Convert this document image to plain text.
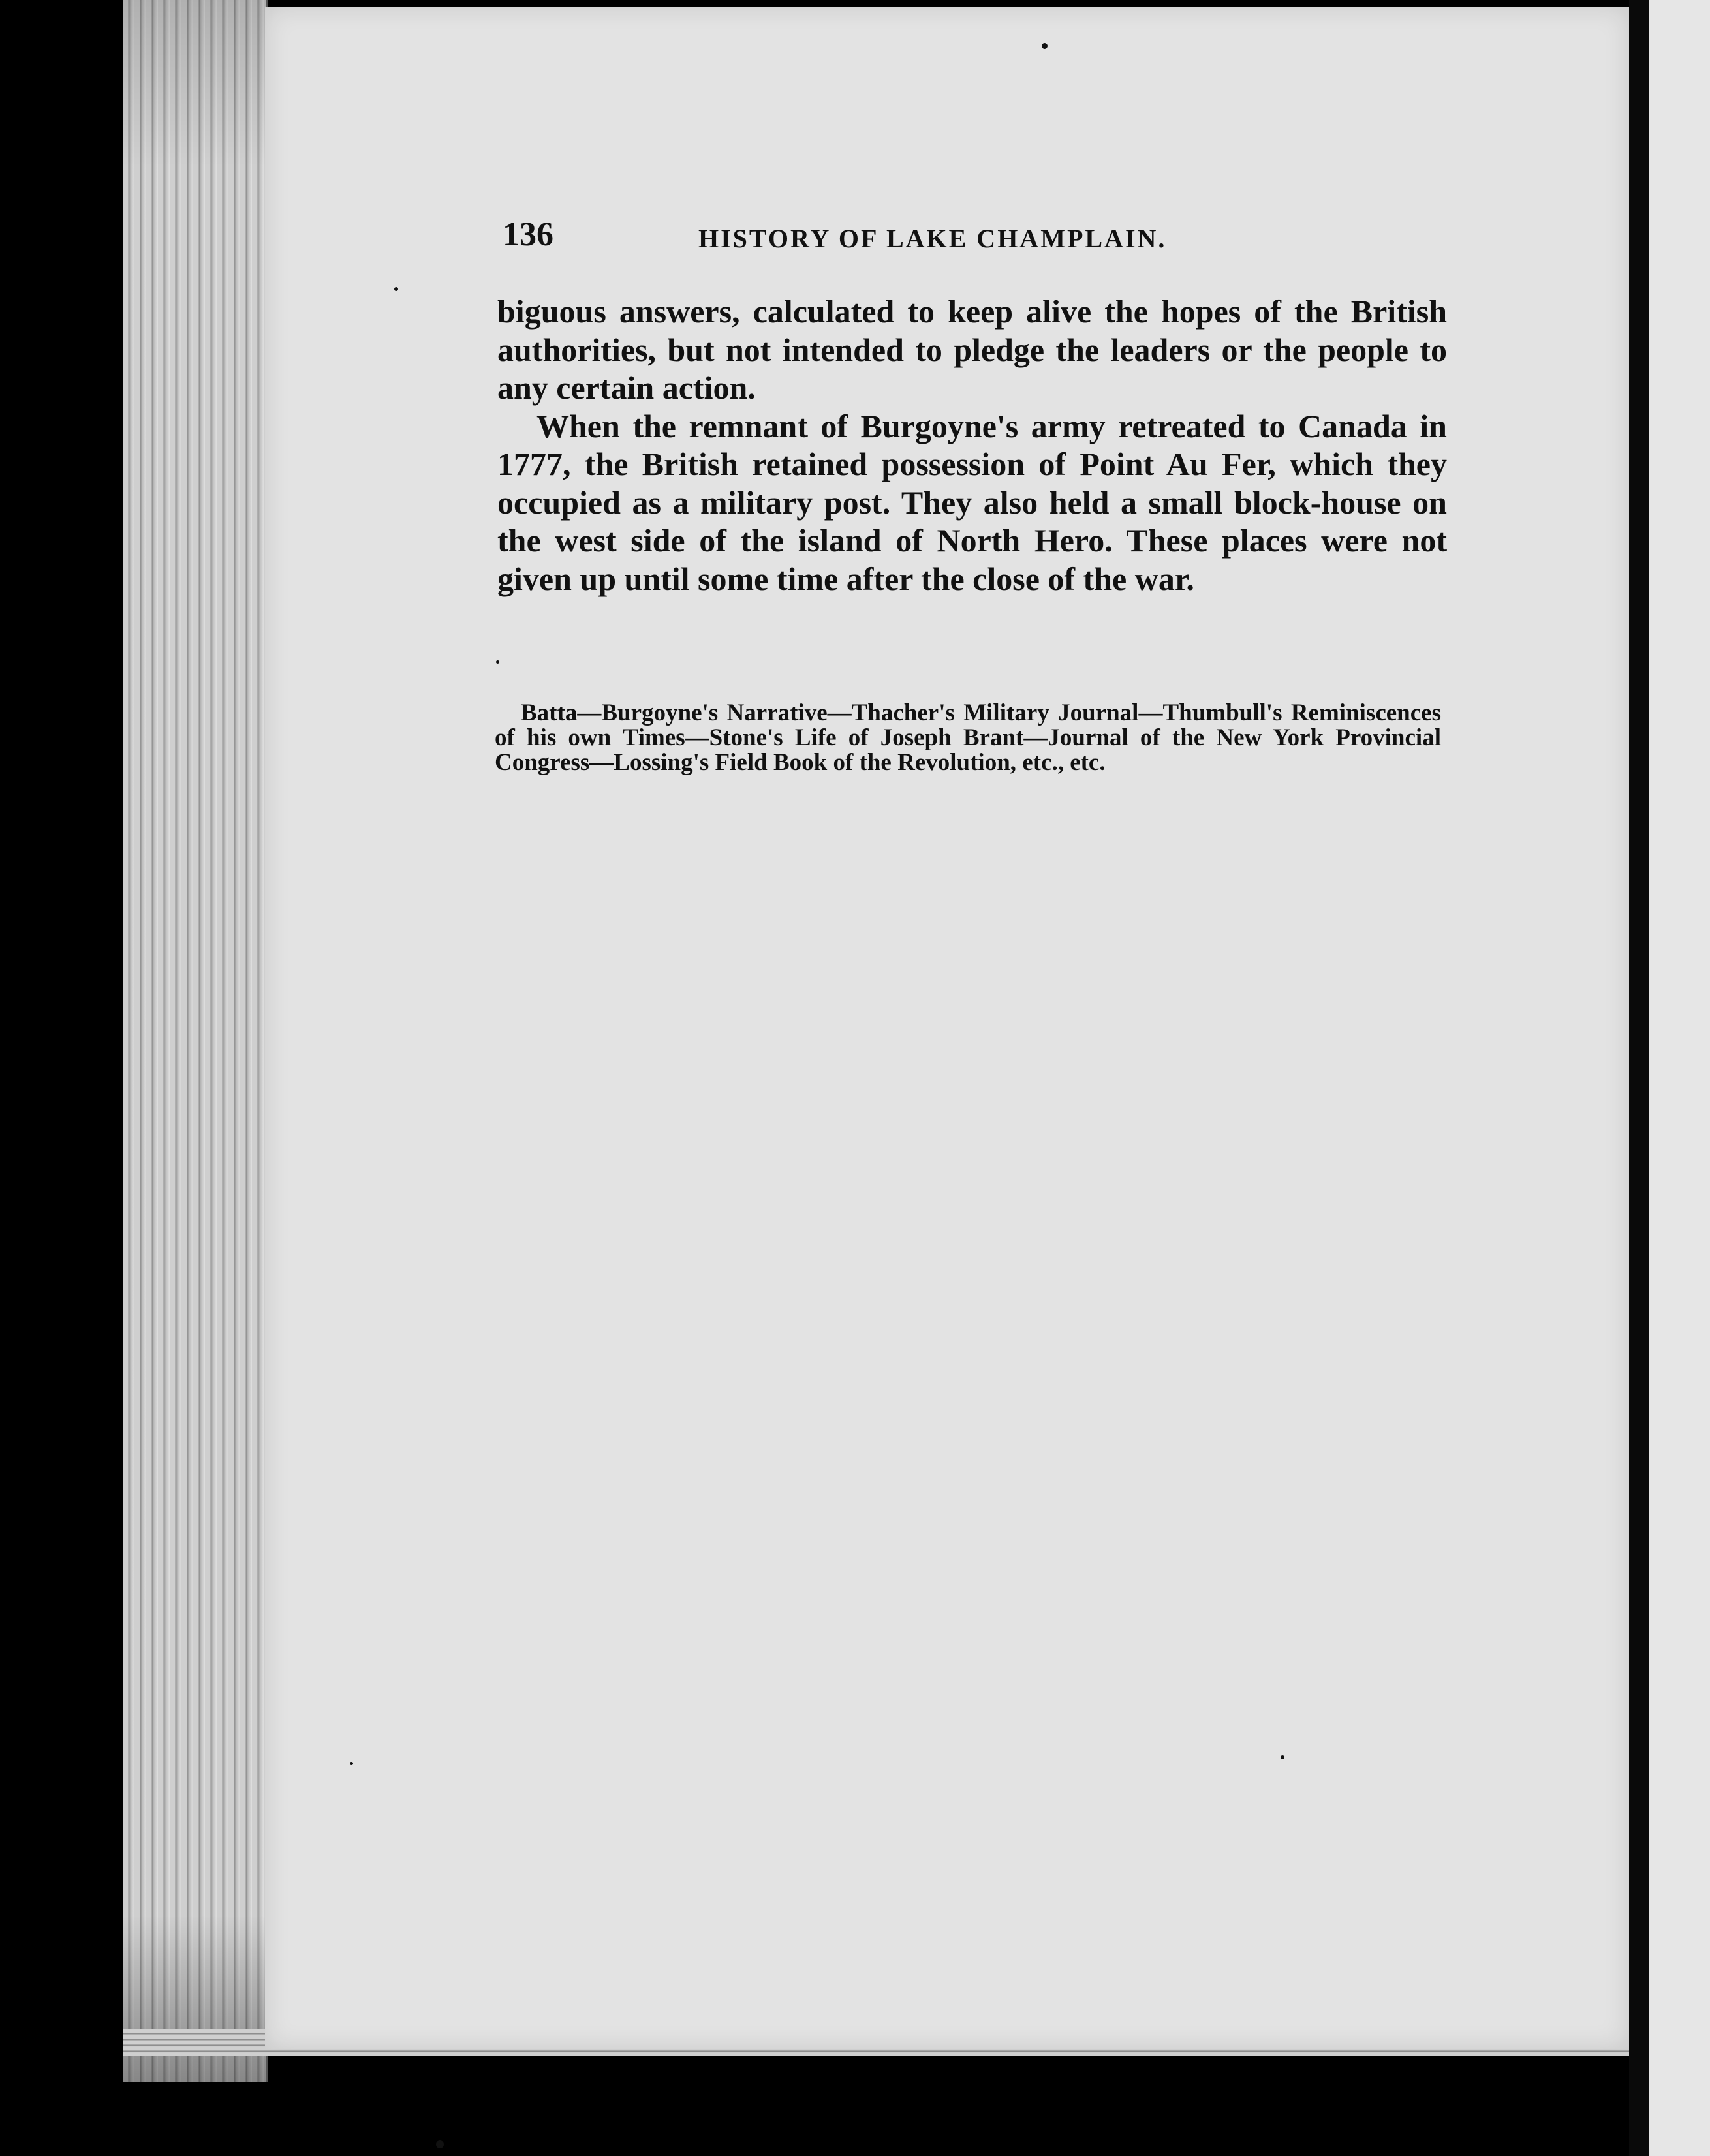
136	HISTORY OF LAKE CHAMPLAIN.

biguous answers, calculated to keep alive the hopes of the British authorities, but not intended to pledge the leaders or the people to any certain action.

When the remnant of Burgoyne's army retreated to Canada in 1777, the British retained possession of Point Au Fer, which they occupied as a military post. They also held a small block-house on the west side of the island of North Hero. These places were not given up until some time after the close of the war.

Batta—Burgoyne's Narrative—Thacher's Military Journal—Thumbull's Reminiscences of his own Times—Stone's Life of Joseph Brant—Journal of the New York Provincial Congress—Lossing's Field Book of the Revolution, etc., etc.
